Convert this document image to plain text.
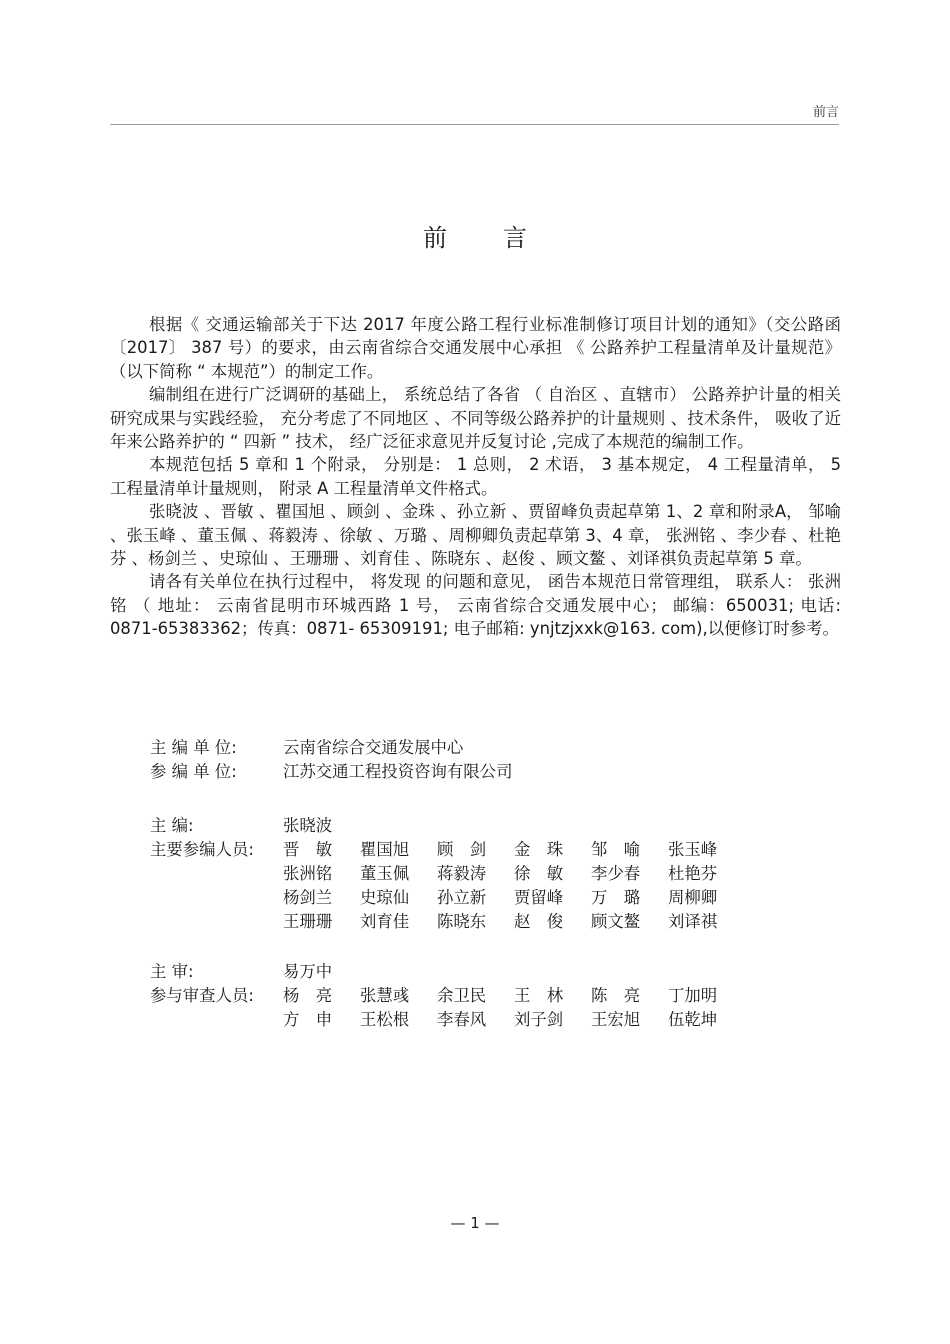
前言
前 言

根据《 交通运输部关于下达 2017 年度公路工程行业标准制修订项目计划的通知》（交公路函〔2017〕 387 号）的要求，由云南省综合交通发展中心承担 《 公路养护工程量清单及计量规范》（以下简称 “ 本规范”）的制定工作。

编制组在进行广泛调研的基础上， 系统总结了各省 （ 自治区 、直辖市） 公路养护计量的相关研究成果与实践经验， 充分考虑了不同地区 、不同等级公路养护的计量规则 、技术条件， 吸收了近年来公路养护的 “ 四新 ” 技术， 经广泛征求意见并反复讨论 ,完成了本规范的编制工作。

本规范包括 5 章和 1 个附录， 分别是： 1 总则， 2 术语， 3 基本规定， 4 工程量清单， 5 工程量清单计量规则， 附录 A 工程量清单文件格式。

张晓波 、晋敏 、瞿国旭 、顾剑 、金珠 、孙立新 、贾留峰负责起草第 1、2 章和附录A， 邹喻 、张玉峰 、董玉佩 、蒋毅涛 、徐敏 、万璐 、周柳卿负责起草第 3、4 章， 张洲铭 、李少春 、杜艳芬 、杨剑兰 、史琼仙 、王珊珊 、刘育佳 、陈晓东 、赵俊 、顾文鳌 、刘译祺负责起草第 5 章。

请各有关单位在执行过程中， 将发现 的问题和意见， 函告本规范日常管理组， 联系人： 张洲铭 （ 地址： 云南省昆明市环城西路 1 号， 云南省综合交通发展中心； 邮编：650031; 电话: 0871-65383362；传真：0871- 65309191; 电子邮箱: ynjtzjxxk@163. com),以便修订时参考。

主 编 单 位:	云南省综合交通发展中心
参 编 单 位:	江苏交通工程投资咨询有限公司
主 编:	张晓波
主要参编人员:	晋　敏	瞿国旭	顾　剑	金　珠	邹　喻	张玉峰
张洲铭	董玉佩	蒋毅涛	徐　敏	李少春	杜艳芬
杨剑兰	史琼仙	孙立新	贾留峰	万　璐	周柳卿
王珊珊	刘育佳	陈晓东	赵　俊	顾文鳌	刘译祺
主 审:	易万中
参与审查人员:	杨　亮	张慧彧	余卫民	王　林	陈　亮	丁加明
方　申	王松根	李春风	刘子剑	王宏旭	伍乾坤
— 1 —
